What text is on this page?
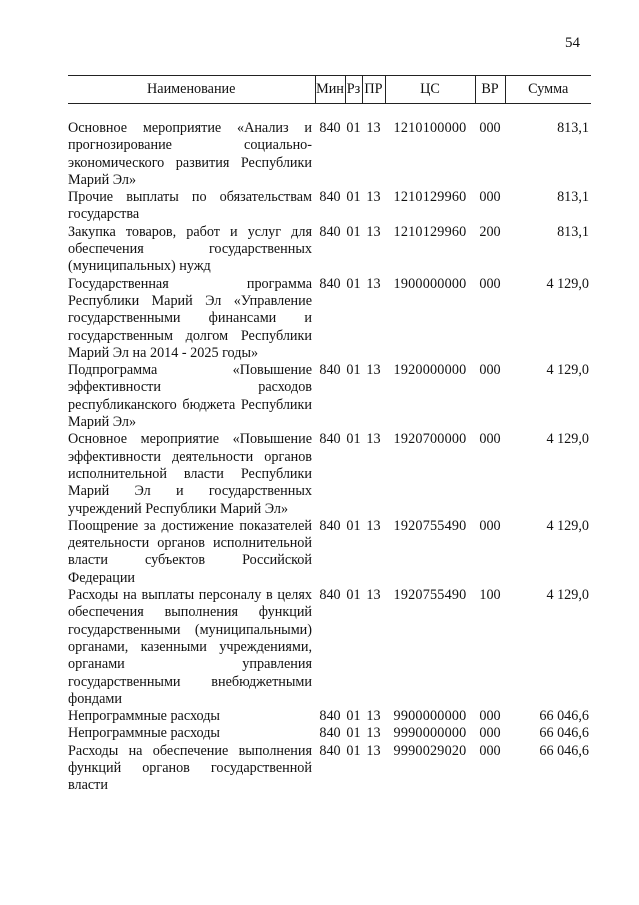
54
Наименование	Мин	Рз	ПР	ЦС	ВР	Сумма

Основное мероприятие «Анализ и прогнозирование социально-экономического развития Республики Марий Эл»	840	01	13	1210100000	000	813,1
Прочие выплаты по обязательствам государства	840	01	13	1210129960	000	813,1
Закупка товаров, работ и услуг для обеспечения государственных (муниципальных) нужд	840	01	13	1210129960	200	813,1
Государственная программа Республики Марий Эл «Управление государственными финансами и государственным долгом Республики Марий Эл на 2014 - 2025 годы»	840	01	13	1900000000	000	4 129,0
Подпрограмма «Повышение эффективности расходов республиканского бюджета Республики Марий Эл»	840	01	13	1920000000	000	4 129,0
Основное мероприятие «Повышение эффективности деятельности органов исполнительной власти Республики Марий Эл и государственных учреждений Республики Марий Эл»	840	01	13	1920700000	000	4 129,0
Поощрение за достижение показателей деятельности органов исполнительной власти субъектов Российской Федерации	840	01	13	1920755490	000	4 129,0
Расходы на выплаты персоналу в целях обеспечения выполнения функций государственными (муниципальными) органами, казенными учреждениями, органами управления государственными внебюджетными фондами	840	01	13	1920755490	100	4 129,0
Непрограммные расходы	840	01	13	9900000000	000	66 046,6
Непрограммные расходы	840	01	13	9990000000	000	66 046,6
Расходы на обеспечение выполнения функций органов государственной власти	840	01	13	9990029020	000	66 046,6
